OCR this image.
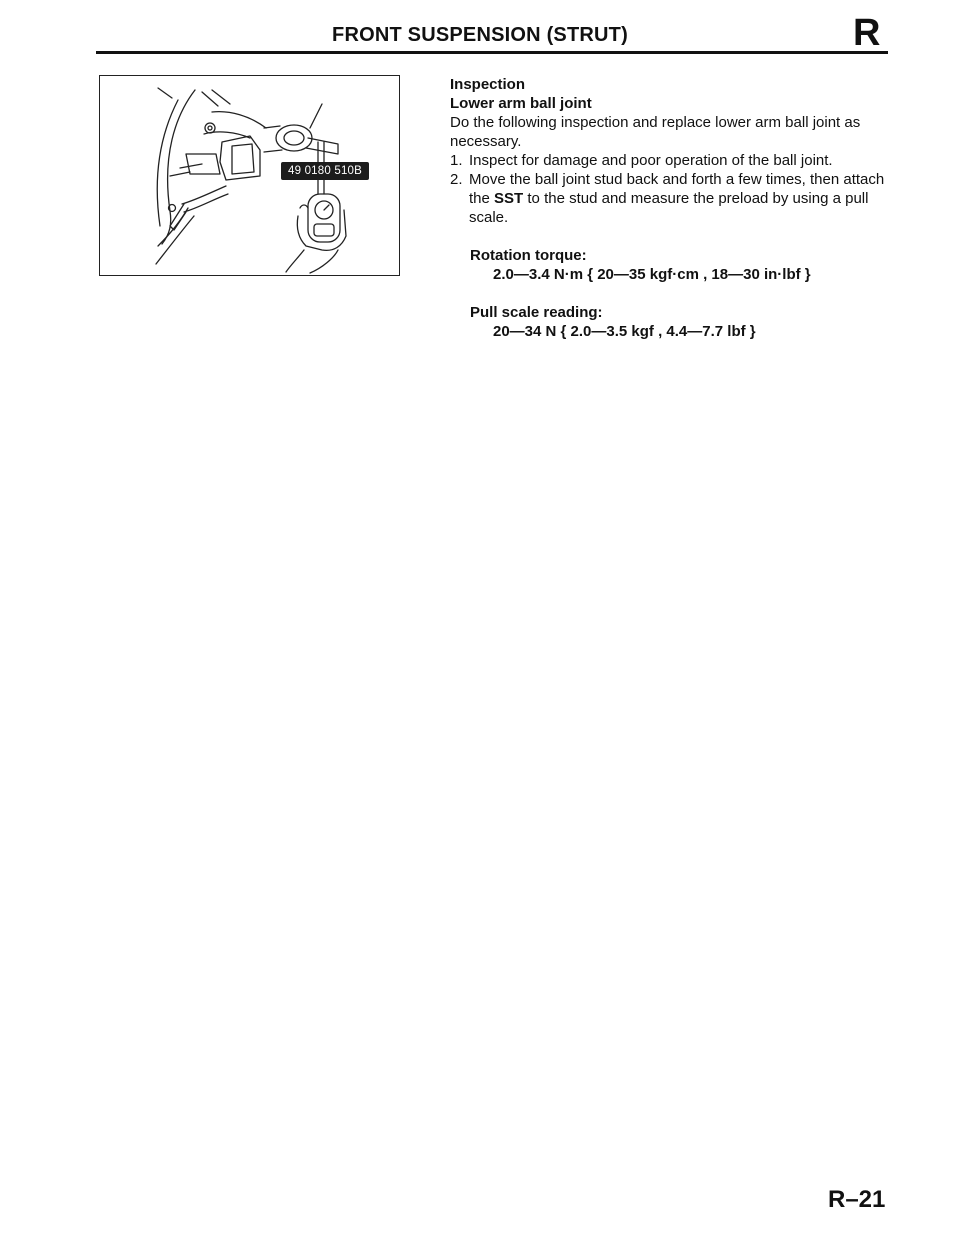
FRONT SUSPENSION (STRUT)	R
49 0180 510B
Inspection
Lower arm ball joint
Do the following inspection and replace lower arm ball joint as necessary.
1. Inspect for damage and poor operation of the ball joint.
2. Move the ball joint stud back and forth a few times, then attach the SST to the stud and measure the preload by using a pull scale.
Rotation torque:
2.0—3.4 N·m { 20—35 kgf·cm , 18—30 in·lbf }
Pull scale reading:
20—34 N { 2.0—3.5 kgf , 4.4—7.7 lbf }
R–21
